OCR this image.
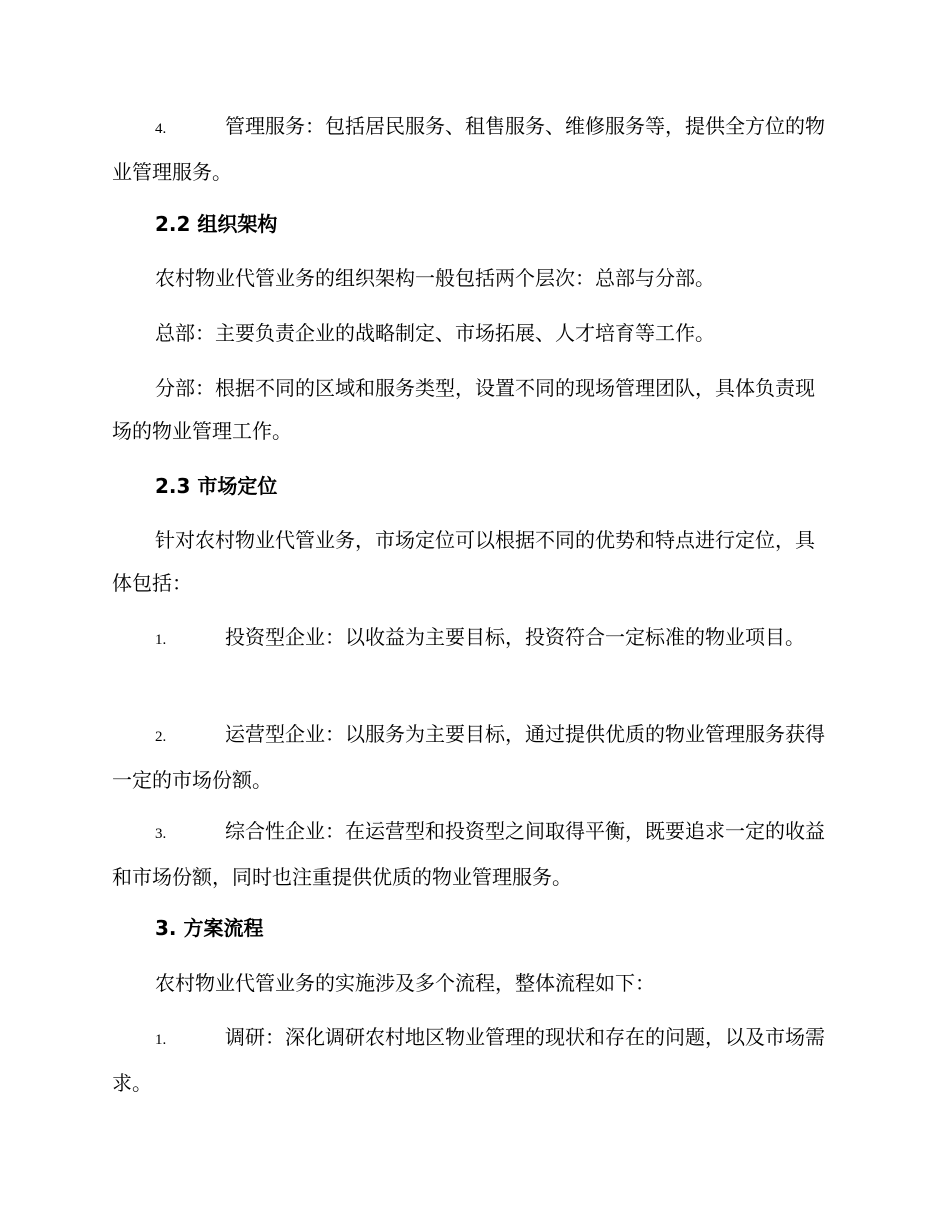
4.	管理服务：包括居民服务、租售服务、维修服务等，提供全方位的物业管理服务。

2.2 组织架构

农村物业代管业务的组织架构一般包括两个层次：总部与分部。

总部：主要负责企业的战略制定、市场拓展、人才培育等工作。

分部：根据不同的区域和服务类型，设置不同的现场管理团队，具体负责现场的物业管理工作。

2.3 市场定位

针对农村物业代管业务，市场定位可以根据不同的优势和特点进行定位，具体包括：

1.	投资型企业：以收益为主要目标，投资符合一定标准的物业项目。

2.	运营型企业：以服务为主要目标，通过提供优质的物业管理服务获得一定的市场份额。

3.	综合性企业：在运营型和投资型之间取得平衡，既要追求一定的收益和市场份额，同时也注重提供优质的物业管理服务。

3. 方案流程

农村物业代管业务的实施涉及多个流程，整体流程如下：

1.	调研：深化调研农村地区物业管理的现状和存在的问题，以及市场需求。
